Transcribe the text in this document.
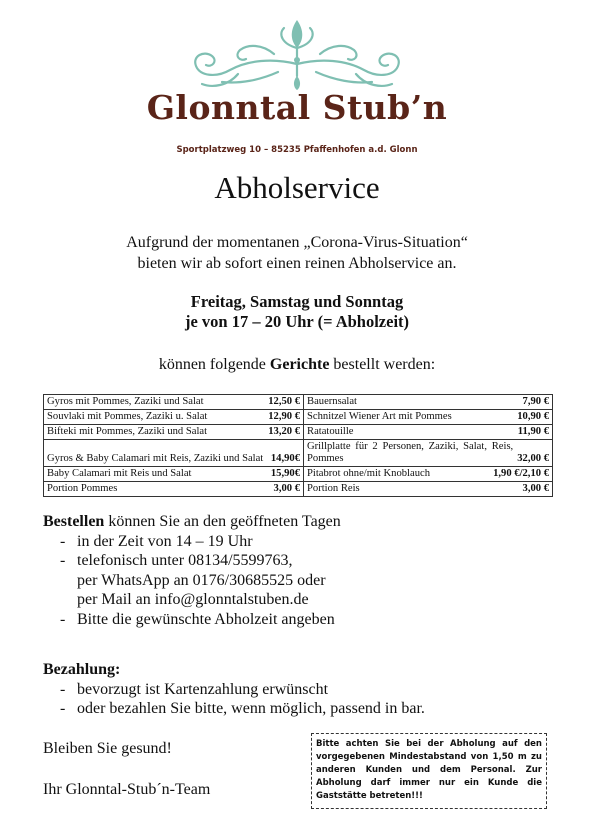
Glonntal Stub’n
Sportplatzweg 10 – 85235 Pfaffenhofen a.d. Glonn
Abholservice
Aufgrund der momentanen „Corona-Virus-Situation“
bieten wir ab sofort einen reinen Abholservice an.
Freitag, Samstag und Sonntag
je von 17 – 20 Uhr (= Abholzeit)
können folgende Gerichte bestellt werden:
Gyros mit Pommes, Zaziki und Salat 12,50 €	Bauernsalat 7,90 €

Souvlaki mit Pommes, Zaziki u. Salat 12,90 €	Schnitzel Wiener Art mit Pommes 10,90 €

Bifteki mit Pommes, Zaziki und Salat 13,20 €	Ratatouille 11,90 €

Gyros & Baby Calamari mit Reis, Zaziki und Salat 14,90€	Grillplatte für 2 Personen, Zaziki, Salat, Reis, Pommes 32,00 €

Baby Calamari mit Reis und Salat 15,90€	Pitabrot ohne/mit Knoblauch 1,90 €/2,10 €

Portion Pommes 3,00 €	Portion Reis 3,00 €
Bestellen können Sie an den geöffneten Tagen
- in der Zeit von 14 – 19 Uhr
- telefonisch unter 08134/5599763,
per WhatsApp an 0176/30685525 oder
per Mail an info@glonntalstuben.de
- Bitte die gewünschte Abholzeit angeben
Bezahlung:
- bevorzugt ist Kartenzahlung erwünscht
- oder bezahlen Sie bitte, wenn möglich, passend in bar.
Bleiben Sie gesund!
Ihr Glonntal-Stub´n-Team
Bitte achten Sie bei der Abholung auf den vorgegebenen Mindestabstand von 1,50 m zu anderen Kunden und dem Personal. Zur Abholung darf immer nur ein Kunde die Gaststätte betreten!!!
